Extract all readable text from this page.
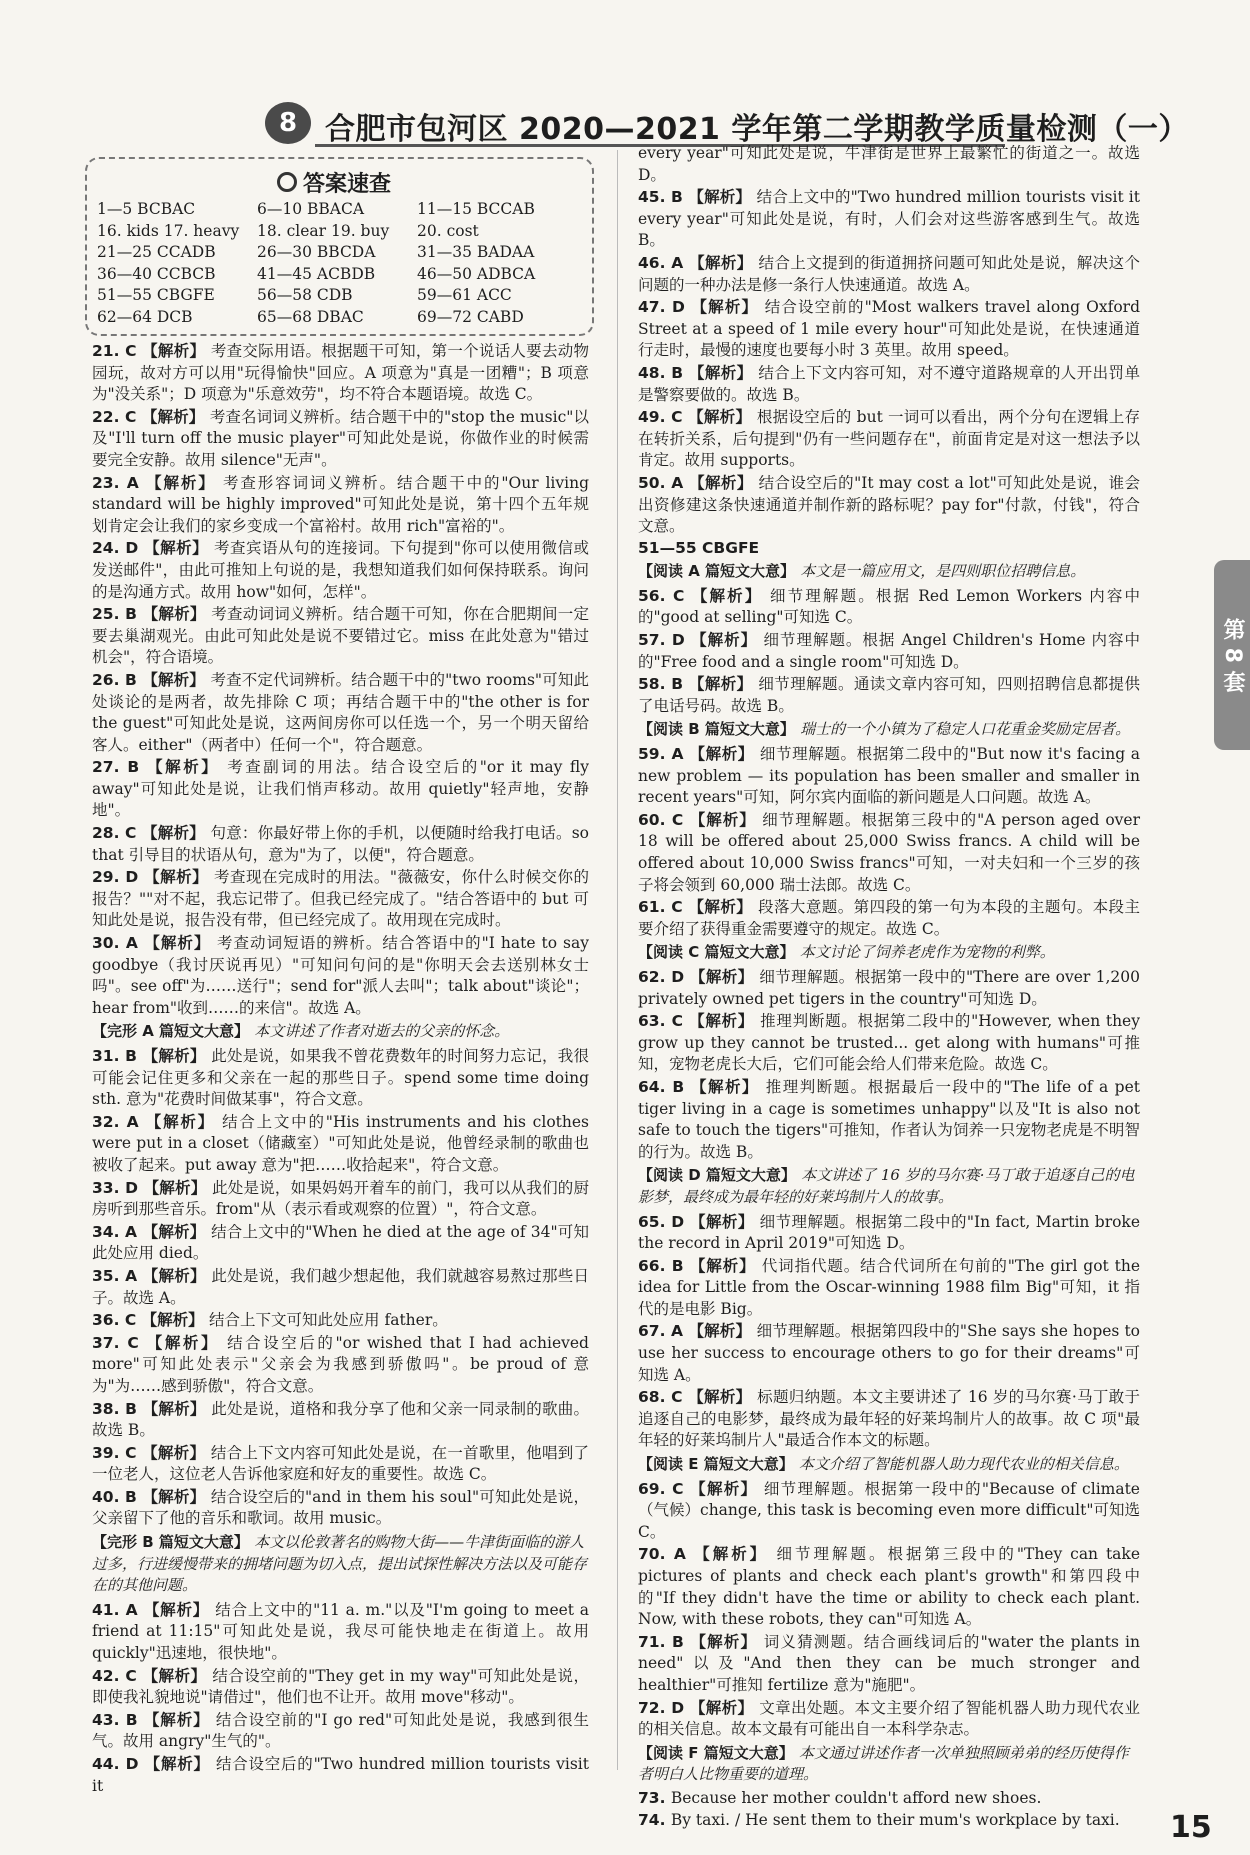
8 合肥市包河区 2020—2021 学年第二学期教学质量检测（一）
答案速查
1—5 BCBAC	6—10 BBACA	11—15 BCCAB
16. kids 17. heavy	18. clear 19. buy	20. cost
21—25 CCADB	26—30 BBCDA	31—35 BADAA
36—40 CCBCB	41—45 ACBDB	46—50 ADBCA
51—55 CBGFE	56—58 CDB	59—61 ACC
62—64 DCB	65—68 DBAC	69—72 CABD
21. C 【解析】 考查交际用语。根据题干可知，第一个说话人要去动物园玩，故对方可以用"玩得愉快"回应。A 项意为"真是一团糟"；B 项意为"没关系"；D 项意为"乐意效劳"，均不符合本题语境。故选 C。
22. C 【解析】 考查名词词义辨析。结合题干中的"stop the music"以及"I'll turn off the music player"可知此处是说，你做作业的时候需要完全安静。故用 silence"无声"。
23. A 【解析】 考查形容词词义辨析。结合题干中的"Our living standard will be highly improved"可知此处是说，第十四个五年规划肯定会让我们的家乡变成一个富裕村。故用 rich"富裕的"。
24. D 【解析】 考查宾语从句的连接词。下句提到"你可以使用微信或发送邮件"，由此可推知上句说的是，我想知道我们如何保持联系。询问的是沟通方式。故用 how"如何，怎样"。
25. B 【解析】 考查动词词义辨析。结合题干可知，你在合肥期间一定要去巢湖观光。由此可知此处是说不要错过它。miss 在此处意为"错过机会"，符合语境。
26. B 【解析】 考查不定代词辨析。结合题干中的"two rooms"可知此处谈论的是两者，故先排除 C 项；再结合题干中的"the other is for the guest"可知此处是说，这两间房你可以任选一个，另一个明天留给客人。either"（两者中）任何一个"，符合题意。
27. B 【解析】 考查副词的用法。结合设空后的"or it may fly away"可知此处是说，让我们悄声移动。故用 quietly"轻声地，安静地"。
28. C 【解析】 句意：你最好带上你的手机，以便随时给我打电话。so that 引导目的状语从句，意为"为了，以便"，符合题意。
29. D 【解析】 考查现在完成时的用法。"薇薇安，你什么时候交你的报告？""对不起，我忘记带了。但我已经完成了。"结合答语中的 but 可知此处是说，报告没有带，但已经完成了。故用现在完成时。
30. A 【解析】 考查动词短语的辨析。结合答语中的"I hate to say goodbye（我讨厌说再见）"可知问句问的是"你明天会去送别林女士吗"。see off"为……送行"；send for"派人去叫"；talk about"谈论"；hear from"收到……的来信"。故选 A。
【完形 A 篇短文大意】 本文讲述了作者对逝去的父亲的怀念。
31. B 【解析】 此处是说，如果我不曾花费数年的时间努力忘记，我很可能会记住更多和父亲在一起的那些日子。spend some time doing sth. 意为"花费时间做某事"，符合文意。
32. A 【解析】 结合上文中的"His instruments and his clothes were put in a closet（储藏室）"可知此处是说，他曾经录制的歌曲也被收了起来。put away 意为"把……收拾起来"，符合文意。
33. D 【解析】 此处是说，如果妈妈开着车的前门，我可以从我们的厨房听到那些音乐。from"从（表示看或观察的位置）"，符合文意。
34. A 【解析】 结合上文中的"When he died at the age of 34"可知此处应用 died。
35. A 【解析】 此处是说，我们越少想起他，我们就越容易熬过那些日子。故选 A。
36. C 【解析】 结合上下文可知此处应用 father。
37. C 【解析】 结合设空后的"or wished that I had achieved more"可知此处表示"父亲会为我感到骄傲吗"。be proud of 意为"为……感到骄傲"，符合文意。
38. B 【解析】 此处是说，道格和我分享了他和父亲一同录制的歌曲。故选 B。
39. C 【解析】 结合上下文内容可知此处是说，在一首歌里，他唱到了一位老人，这位老人告诉他家庭和好友的重要性。故选 C。
40. B 【解析】 结合设空后的"and in them his soul"可知此处是说，父亲留下了他的音乐和歌词。故用 music。
【完形 B 篇短文大意】 本文以伦敦著名的购物大街——牛津街面临的游人过多，行进缓慢带来的拥堵问题为切入点，提出试探性解决方法以及可能存在的其他问题。
41. A 【解析】 结合上文中的"11 a. m."以及"I'm going to meet a friend at 11:15"可知此处是说，我尽可能快地走在街道上。故用 quickly"迅速地，很快地"。
42. C 【解析】 结合设空前的"They get in my way"可知此处是说，即使我礼貌地说"请借过"，他们也不让开。故用 move"移动"。
43. B 【解析】 结合设空前的"I go red"可知此处是说，我感到很生气。故用 angry"生气的"。
44. D 【解析】 结合设空后的"Two hundred million tourists visit it
every year"可知此处是说，牛津街是世界上最繁忙的街道之一。故选 D。
45. B 【解析】 结合上文中的"Two hundred million tourists visit it every year"可知此处是说，有时，人们会对这些游客感到生气。故选 B。
46. A 【解析】 结合上文提到的街道拥挤问题可知此处是说，解决这个问题的一种办法是修一条行人快速通道。故选 A。
47. D 【解析】 结合设空前的"Most walkers travel along Oxford Street at a speed of 1 mile every hour"可知此处是说，在快速通道行走时，最慢的速度也要每小时 3 英里。故用 speed。
48. B 【解析】 结合上下文内容可知，对不遵守道路规章的人开出罚单是警察要做的。故选 B。
49. C 【解析】 根据设空后的 but 一词可以看出，两个分句在逻辑上存在转折关系，后句提到"仍有一些问题存在"，前面肯定是对这一想法予以肯定。故用 supports。
50. A 【解析】 结合设空后的"It may cost a lot"可知此处是说，谁会出资修建这条快速通道并制作新的路标呢？pay for"付款，付钱"，符合文意。
51—55 CBGFE
【阅读 A 篇短文大意】 本文是一篇应用文，是四则职位招聘信息。
56. C 【解析】 细节理解题。根据 Red Lemon Workers 内容中的"good at selling"可知选 C。
57. D 【解析】 细节理解题。根据 Angel Children's Home 内容中的"Free food and a single room"可知选 D。
58. B 【解析】 细节理解题。通读文章内容可知，四则招聘信息都提供了电话号码。故选 B。
【阅读 B 篇短文大意】 瑞士的一个小镇为了稳定人口花重金奖励定居者。
59. A 【解析】 细节理解题。根据第二段中的"But now it's facing a new problem — its population has been smaller and smaller in recent years"可知，阿尔宾内面临的新问题是人口问题。故选 A。
60. C 【解析】 细节理解题。根据第三段中的"A person aged over 18 will be offered about 25,000 Swiss francs. A child will be offered about 10,000 Swiss francs"可知，一对夫妇和一个三岁的孩子将会领到 60,000 瑞士法郎。故选 C。
61. C 【解析】 段落大意题。第四段的第一句为本段的主题句。本段主要介绍了获得重金需要遵守的规定。故选 C。
【阅读 C 篇短文大意】 本文讨论了饲养老虎作为宠物的利弊。
62. D 【解析】 细节理解题。根据第一段中的"There are over 1,200 privately owned pet tigers in the country"可知选 D。
63. C 【解析】 推理判断题。根据第二段中的"However, when they grow up they cannot be trusted... get along with humans"可推知，宠物老虎长大后，它们可能会给人们带来危险。故选 C。
64. B 【解析】 推理判断题。根据最后一段中的"The life of a pet tiger living in a cage is sometimes unhappy"以及"It is also not safe to touch the tigers"可推知，作者认为饲养一只宠物老虎是不明智的行为。故选 B。
【阅读 D 篇短文大意】 本文讲述了 16 岁的马尔赛·马丁敢于追逐自己的电影梦，最终成为最年轻的好莱坞制片人的故事。
65. D 【解析】 细节理解题。根据第二段中的"In fact, Martin broke the record in April 2019"可知选 D。
66. B 【解析】 代词指代题。结合代词所在句前的"The girl got the idea for Little from the Oscar-winning 1988 film Big"可知，it 指代的是电影 Big。
67. A 【解析】 细节理解题。根据第四段中的"She says she hopes to use her success to encourage others to go for their dreams"可知选 A。
68. C 【解析】 标题归纳题。本文主要讲述了 16 岁的马尔赛·马丁敢于追逐自己的电影梦，最终成为最年轻的好莱坞制片人的故事。故 C 项"最年轻的好莱坞制片人"最适合作本文的标题。
【阅读 E 篇短文大意】 本文介绍了智能机器人助力现代农业的相关信息。
69. C 【解析】 细节理解题。根据第一段中的"Because of climate（气候）change, this task is becoming even more difficult"可知选 C。
70. A 【解析】 细节理解题。根据第三段中的"They can take pictures of plants and check each plant's growth"和第四段中的"If they didn't have the time or ability to check each plant. Now, with these robots, they can"可知选 A。
71. B 【解析】 词义猜测题。结合画线词后的"water the plants in need"以及"And then they can be much stronger and healthier"可推知 fertilize 意为"施肥"。
72. D 【解析】 文章出处题。本文主要介绍了智能机器人助力现代农业的相关信息。故本文最有可能出自一本科学杂志。
【阅读 F 篇短文大意】 本文通过讲述作者一次单独照顾弟弟的经历使得作者明白人比物重要的道理。
73. Because her mother couldn't afford new shoes.
74. By taxi. / He sent them to their mum's workplace by taxi.
第 8 套
15
